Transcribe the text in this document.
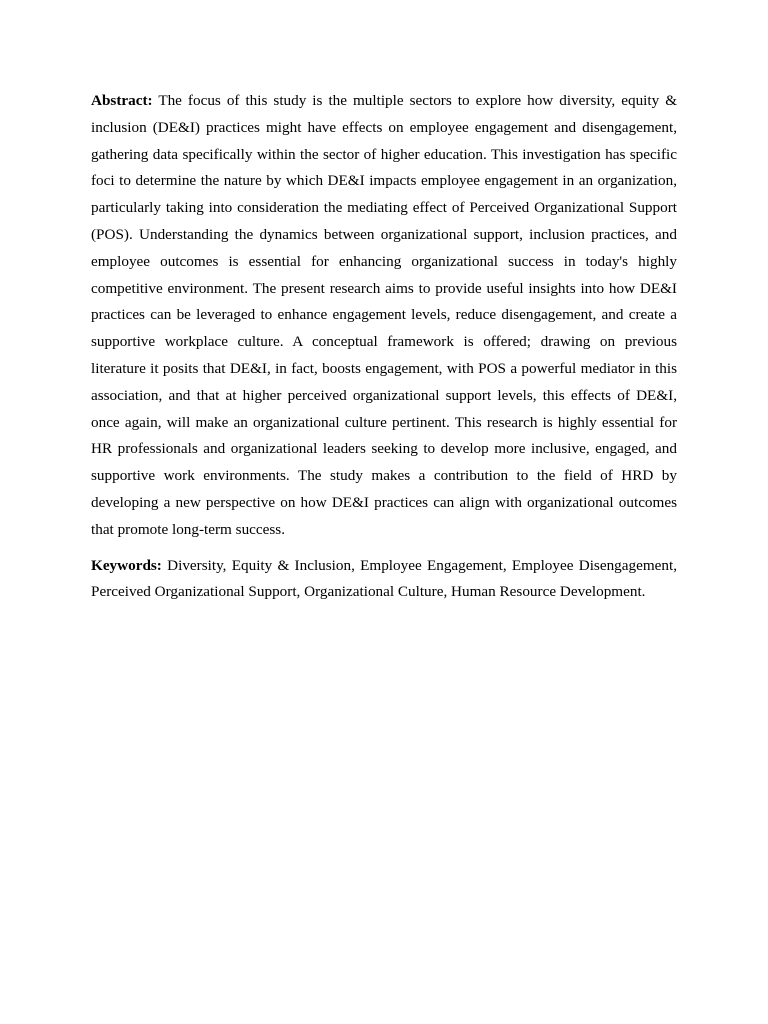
Abstract: The focus of this study is the multiple sectors to explore how diversity, equity & inclusion (DE&I) practices might have effects on employee engagement and disengagement, gathering data specifically within the sector of higher education. This investigation has specific foci to determine the nature by which DE&I impacts employee engagement in an organization, particularly taking into consideration the mediating effect of Perceived Organizational Support (POS). Understanding the dynamics between organizational support, inclusion practices, and employee outcomes is essential for enhancing organizational success in today's highly competitive environment. The present research aims to provide useful insights into how DE&I practices can be leveraged to enhance engagement levels, reduce disengagement, and create a supportive workplace culture. A conceptual framework is offered; drawing on previous literature it posits that DE&I, in fact, boosts engagement, with POS a powerful mediator in this association, and that at higher perceived organizational support levels, this effects of DE&I, once again, will make an organizational culture pertinent. This research is highly essential for HR professionals and organizational leaders seeking to develop more inclusive, engaged, and supportive work environments. The study makes a contribution to the field of HRD by developing a new perspective on how DE&I practices can align with organizational outcomes that promote long-term success.

Keywords: Diversity, Equity & Inclusion, Employee Engagement, Employee Disengagement, Perceived Organizational Support, Organizational Culture, Human Resource Development.
